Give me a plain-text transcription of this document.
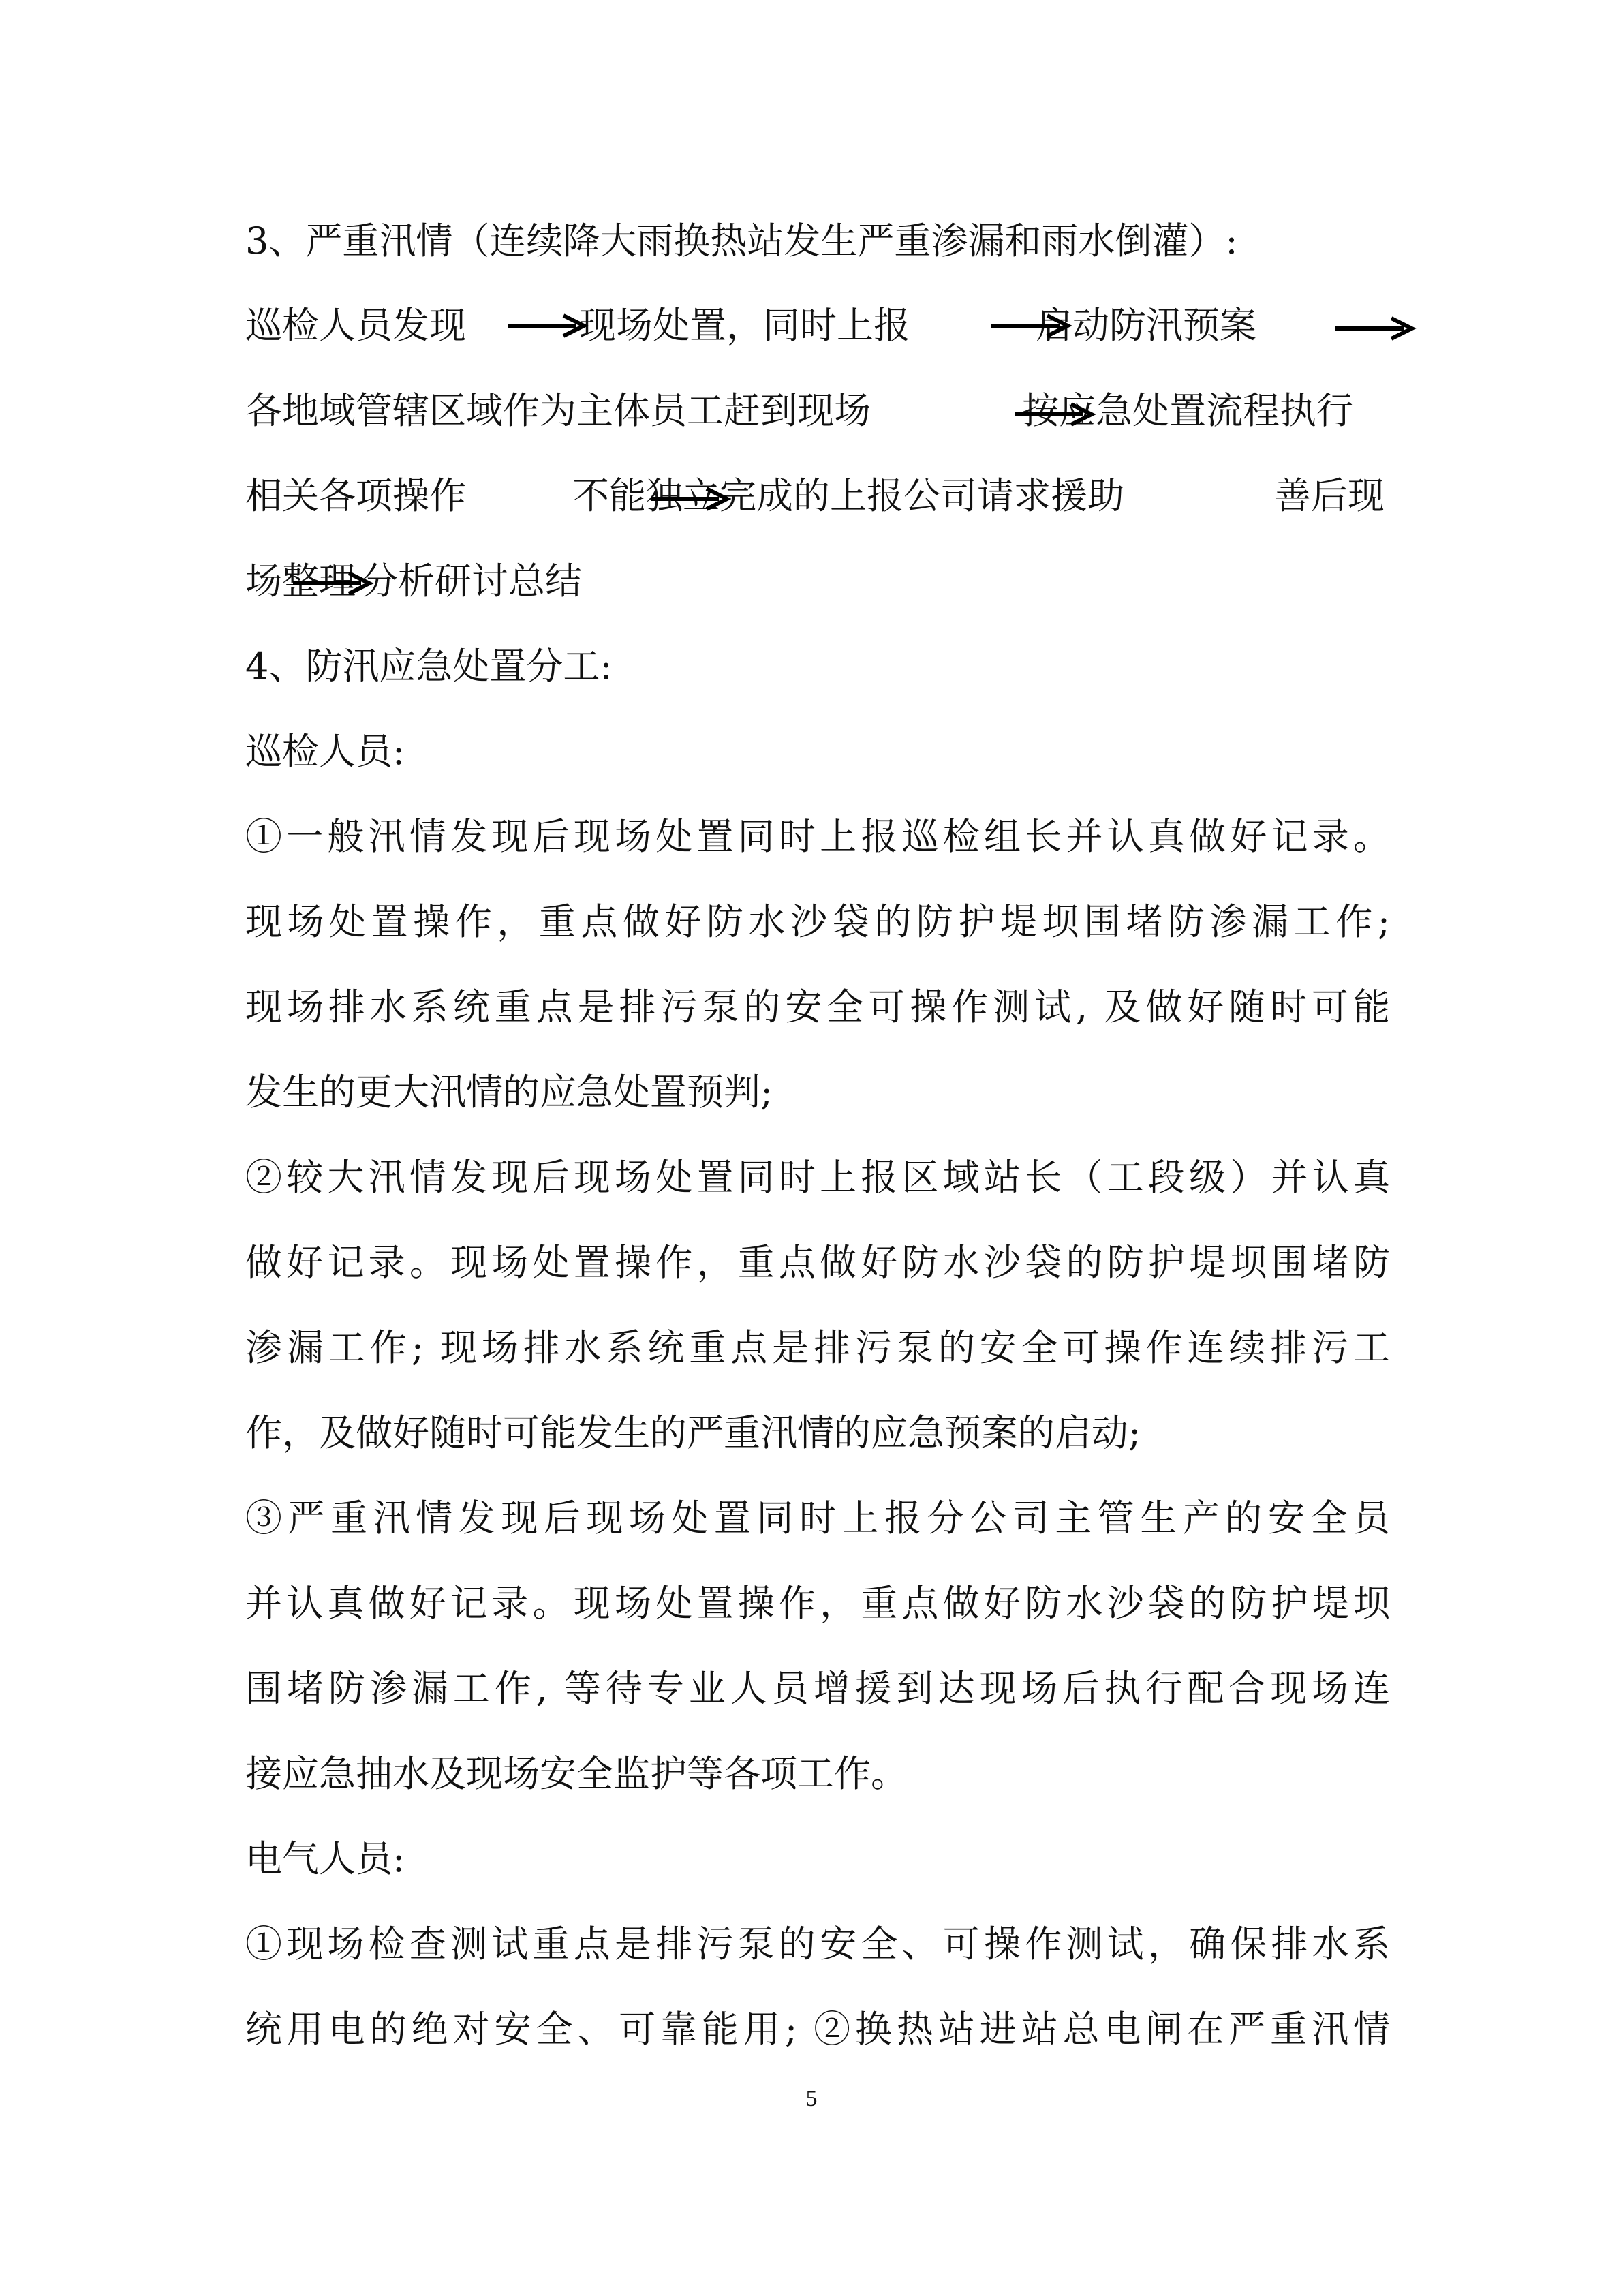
3、严重汛情（连续降大雨换热站发生严重渗漏和雨水倒灌）:
巡检人员发现	现场处置，同时上报	启动防汛预案
各地域管辖区域作为主体员工赶到现场	按应急处置流程执行
相关各项操作	不能独立完成的上报公司请求援助	善后现
场整理 分析研讨总结
4、防汛应急处置分工:
巡检人员:
①一般汛情发现后现场处置同时上报巡检组长并认真做好记录。
现场处置操作，重点做好防水沙袋的防护堤坝围堵防渗漏工作;
现场排水系统重点是排污泵的安全可操作测试, 及做好随时可能
发生的更大汛情的应急处置预判;
②较大汛情发现后现场处置同时上报区域站长（工段级）并认真
做好记录。现场处置操作，重点做好防水沙袋的防护堤坝围堵防
渗漏工作; 现场排水系统重点是排污泵的安全可操作连续排污工
作，及做好随时可能发生的严重汛情的应急预案的启动;
③严重汛情发现后现场处置同时上报分公司主管生产的安全员
并认真做好记录。现场处置操作，重点做好防水沙袋的防护堤坝
围堵防渗漏工作, 等待专业人员增援到达现场后执行配合现场连
接应急抽水及现场安全监护等各项工作。
电气人员:
①现场检查测试重点是排污泵的安全、可操作测试，确保排水系
统用电的绝对安全、可靠能用; ②换热站进站总电闸在严重汛情
5
